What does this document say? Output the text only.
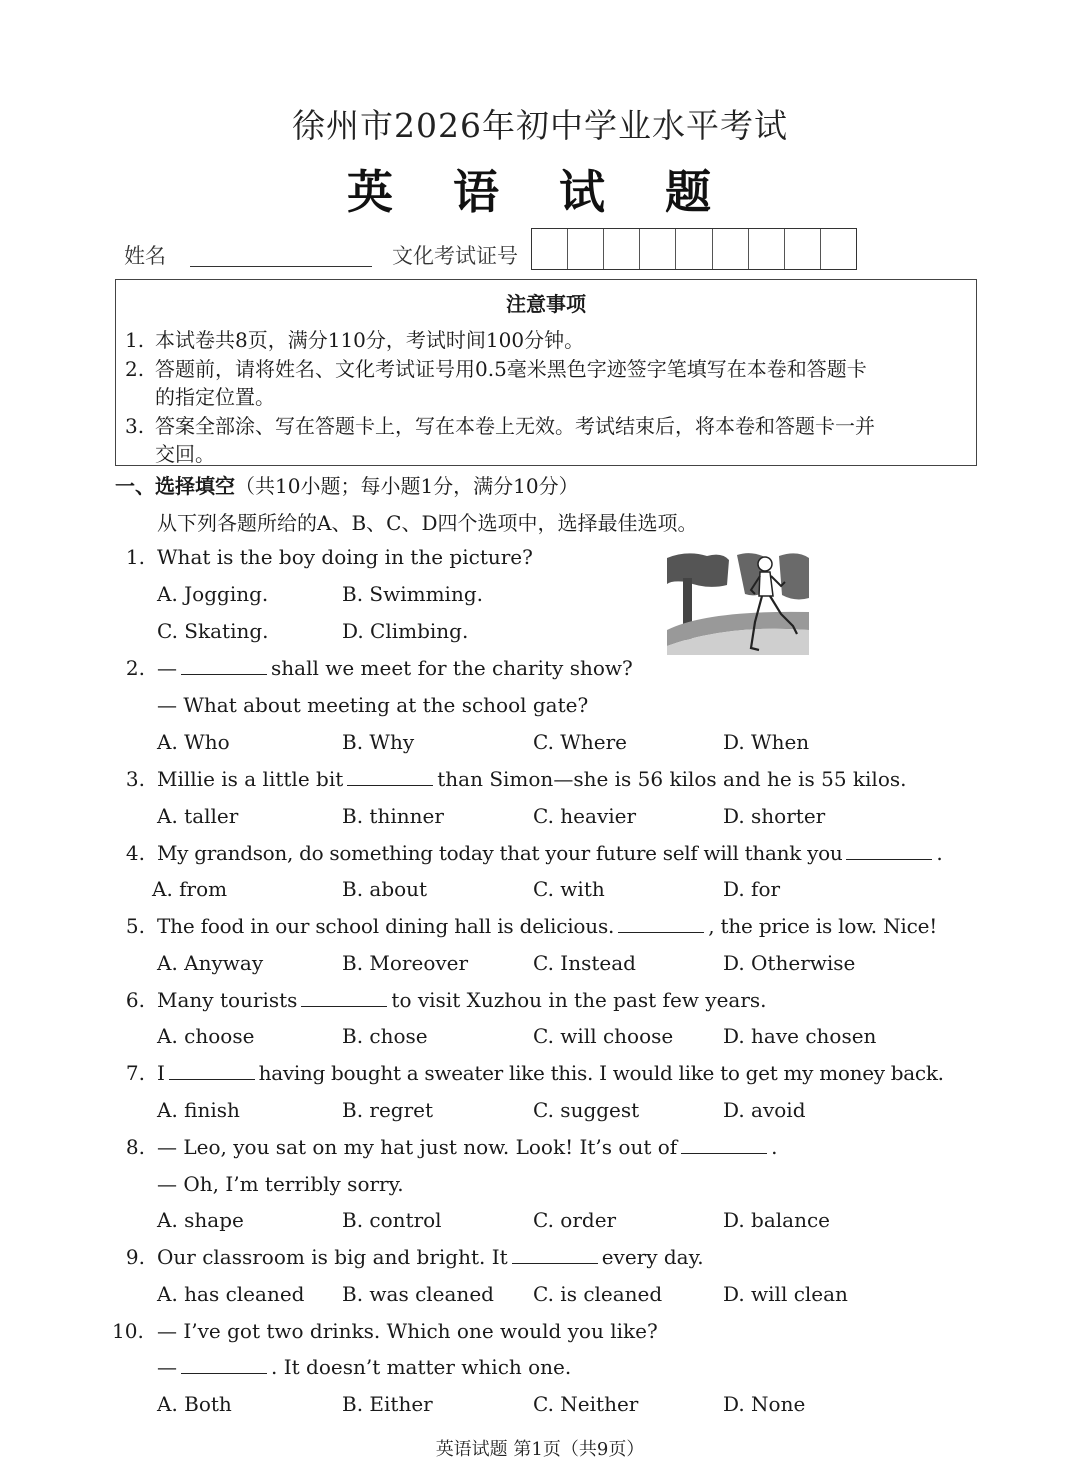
徐州市2026年初中学业水平考试
英 语 试 题
姓名	文化考试证号
注意事项
1. 本试卷共8页，满分110分，考试时间100分钟。
2. 答题前，请将姓名、文化考试证号用0.5毫米黑色字迹签字笔填写在本卷和答题卡
的指定位置。
3. 答案全部涂、写在答题卡上，写在本卷上无效。考试结束后，将本卷和答题卡一并
交回。
一、选择填空（共10小题；每小题1分，满分10分）
从下列各题所给的A、B、C、D四个选项中，选择最佳选项。
1. What is the boy doing in the picture?
A. Jogging.	B. Swimming.
C. Skating.	D. Climbing.
2. —	shall we meet for the charity show?
— What about meeting at the school gate?
A. Who	B. Why	C. Where	D. When
3. Millie is a little bit	than Simon—she is 56 kilos and he is 55 kilos.
A. taller	B. thinner	C. heavier	D. shorter
4. My grandson, do something today that your future self will thank you	.
A. from	B. about	C. with	D. for
5. The food in our school dining hall is delicious.	, the price is low. Nice!
A. Anyway	B. Moreover	C. Instead	D. Otherwise
6. Many tourists	to visit Xuzhou in the past few years.
A. choose	B. chose	C. will choose D. have chosen
7. I	having bought a sweater like this. I would like to get my money back.
A. finish	B. regret	C. suggest	D. avoid
8. — Leo, you sat on my hat just now. Look! It’s out of	.
— Oh, I’m terribly sorry.
A. shape	B. control	C. order	D. balance
9. Our classroom is big and bright. It	every day.
A. has cleaned B. was cleaned C. is cleaned	D. will clean
10. — I’ve got two drinks. Which one would you like?
—	. It doesn’t matter which one.
A. Both	B. Either	C. Neither	D. None
英语试题 第1页（共9页）
